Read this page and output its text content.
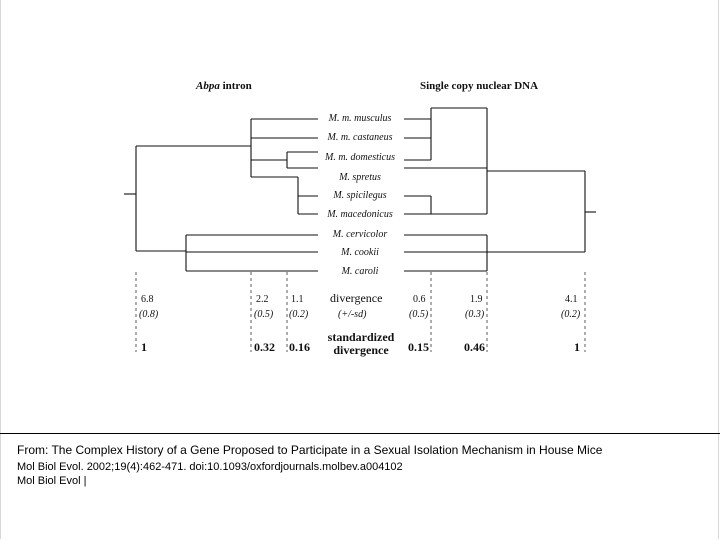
Abpa intron	Single copy nuclear DNA
M. m. musculus
M. m. castaneus
M. m. domesticus
M. spretus
M. spicilegus
M. macedonicus
M. cervicolor
M. cookii
M. caroli
divergence
(+/-sd)
standardized
divergence
6.8
(0.8)
1
2.2
(0.5)
0.32
1.1
(0.2)
0.16
0.6
(0.5)
0.15
1.9
(0.3)
0.46
4.1
(0.2)
1
From: The Complex History of a Gene Proposed to Participate in a Sexual Isolation Mechanism in House Mice
Mol Biol Evol. 2002;19(4):462-471. doi:10.1093/oxfordjournals.molbev.a004102
Mol Biol Evol |
